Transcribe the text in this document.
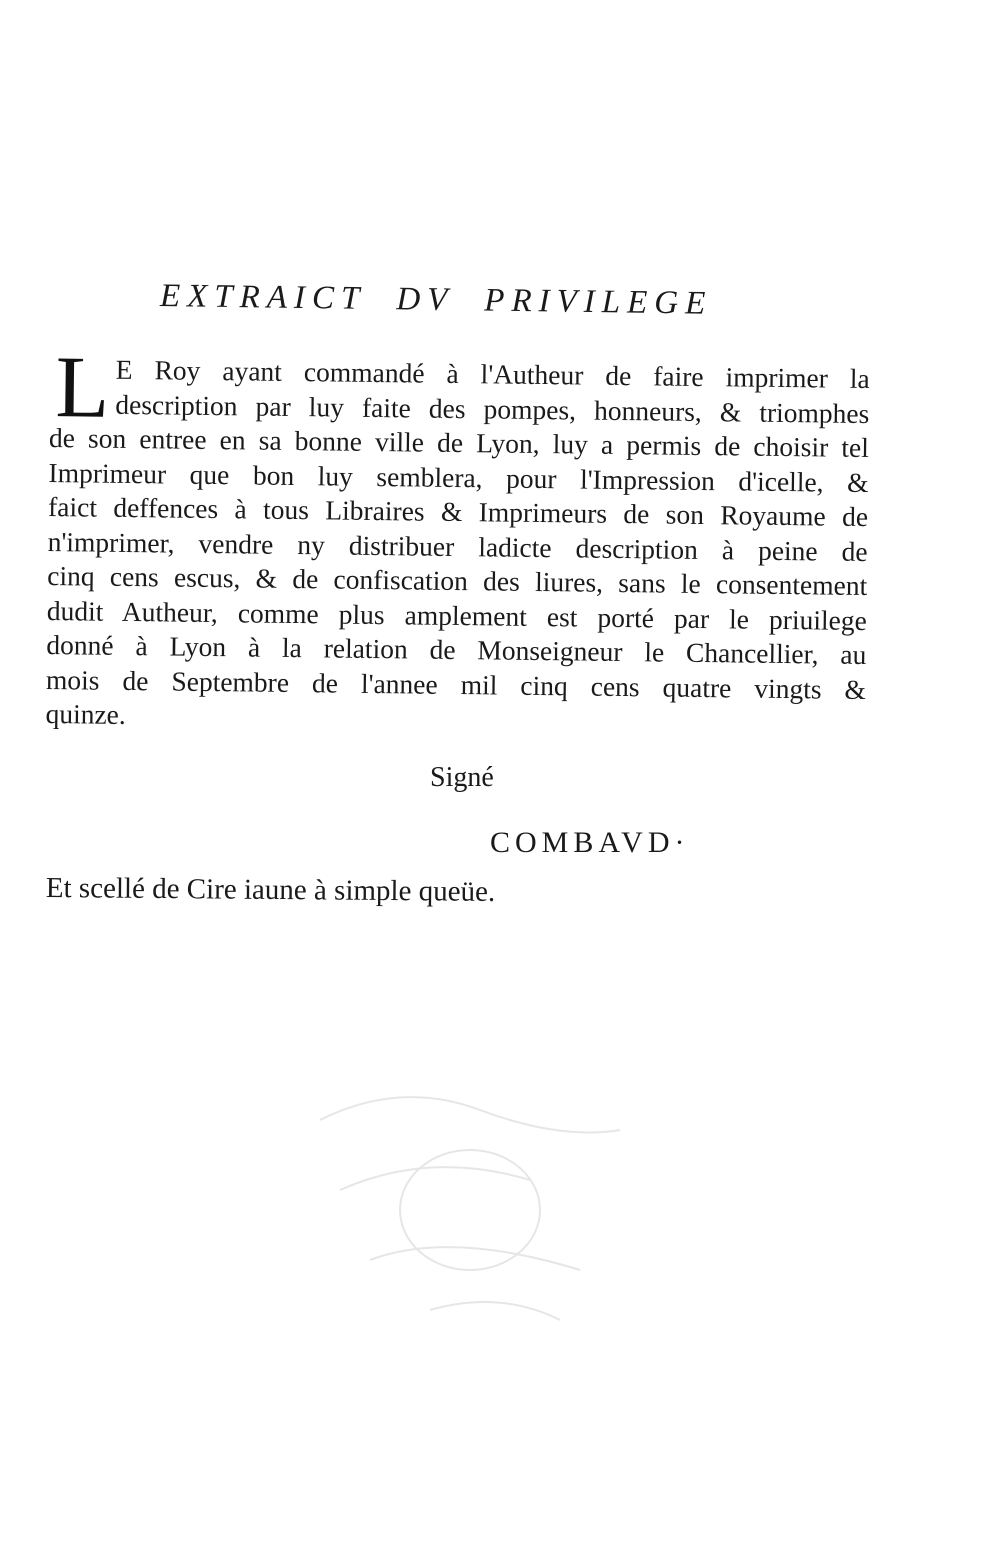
EXTRAICT DV PRIVILEGE
L E Roy ayant commandé à l'Autheur de faire imprimer la
description par luy faite des pompes, honneurs, & triomphes
de son entree en sa bonne ville de Lyon, luy a permis de choisir tel
Imprimeur que bon luy semblera, pour l'Impression d'icelle, &
faict deffences à tous Libraires & Imprimeurs de son Royaume de
n'imprimer, vendre ny distribuer ladicte description à peine de
cinq cens escus, & de confiscation des liures, sans le consentement
dudit Autheur, comme plus amplement est porté par le priuilege
donné à Lyon à la relation de Monseigneur le Chancellier, au
mois de Septembre de l'annee mil cinq cens quatre vingts &
quinze.
Signé
COMBAVD·
Et scellé de Cire iaune à simple queüe.
